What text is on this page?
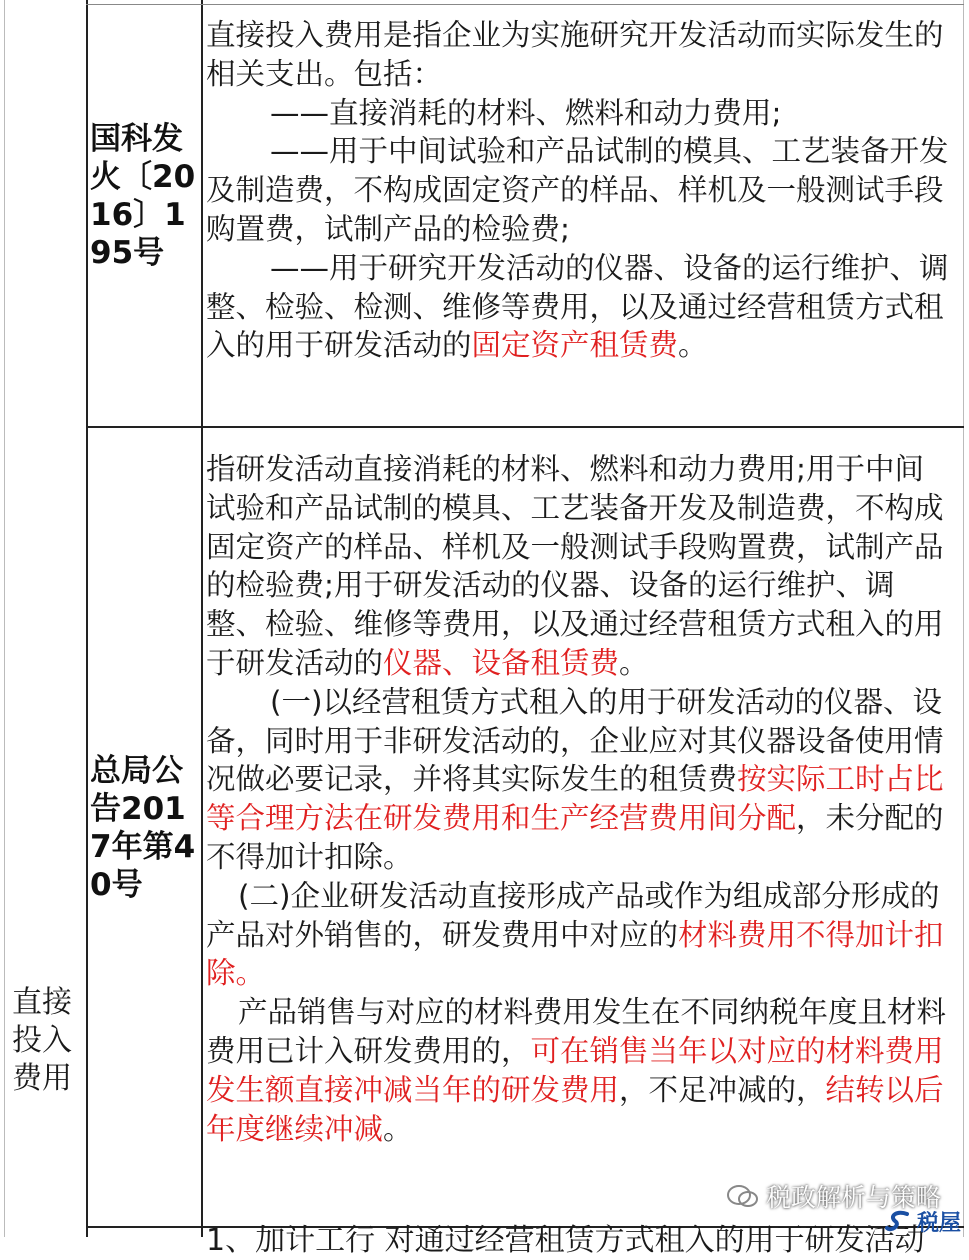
直接投入费用
国科发火〔2016〕195号
总局公告2017年第40号

直接投入费用是指企业为实施研究开发活动而实际发生的相关支出。包括：

——直接消耗的材料、燃料和动力费用;

——用于中间试验和产品试制的模具、工艺装备开发及制造费，不构成固定资产的样品、样机及一般测试手段购置费，试制产品的检验费;

——用于研究开发活动的仪器、设备的运行维护、调整、检验、检测、维修等费用，以及通过经营租赁方式租入的用于研发活动的固定资产租赁费。

指研发活动直接消耗的材料、燃料和动力费用;用于中间试验和产品试制的模具、工艺装备开发及制造费，不构成固定资产的样品、样机及一般测试手段购置费，试制产品的检验费;用于研发活动的仪器、设备的运行维护、调整、检验、维修等费用，以及通过经营租赁方式租入的用于研发活动的仪器、设备租赁费。

(一)以经营租赁方式租入的用于研发活动的仪器、设备，同时用于非研发活动的，企业应对其仪器设备使用情况做必要记录，并将其实际发生的租赁费按实际工时占比等合理方法在研发费用和生产经营费用间分配，未分配的不得加计扣除。

(二)企业研发活动直接形成产品或作为组成部分形成的产品对外销售的，研发费用中对应的材料费用不得加计扣除。

产品销售与对应的材料费用发生在不同纳税年度且材料费用已计入研发费用的，可在销售当年以对应的材料费用发生额直接冲减当年的研发费用，不足冲减的，结转以后年度继续冲减。

1、加计工行 对通过经营租赁方式租入的用于研发活动
税政解析与策略
税屋
